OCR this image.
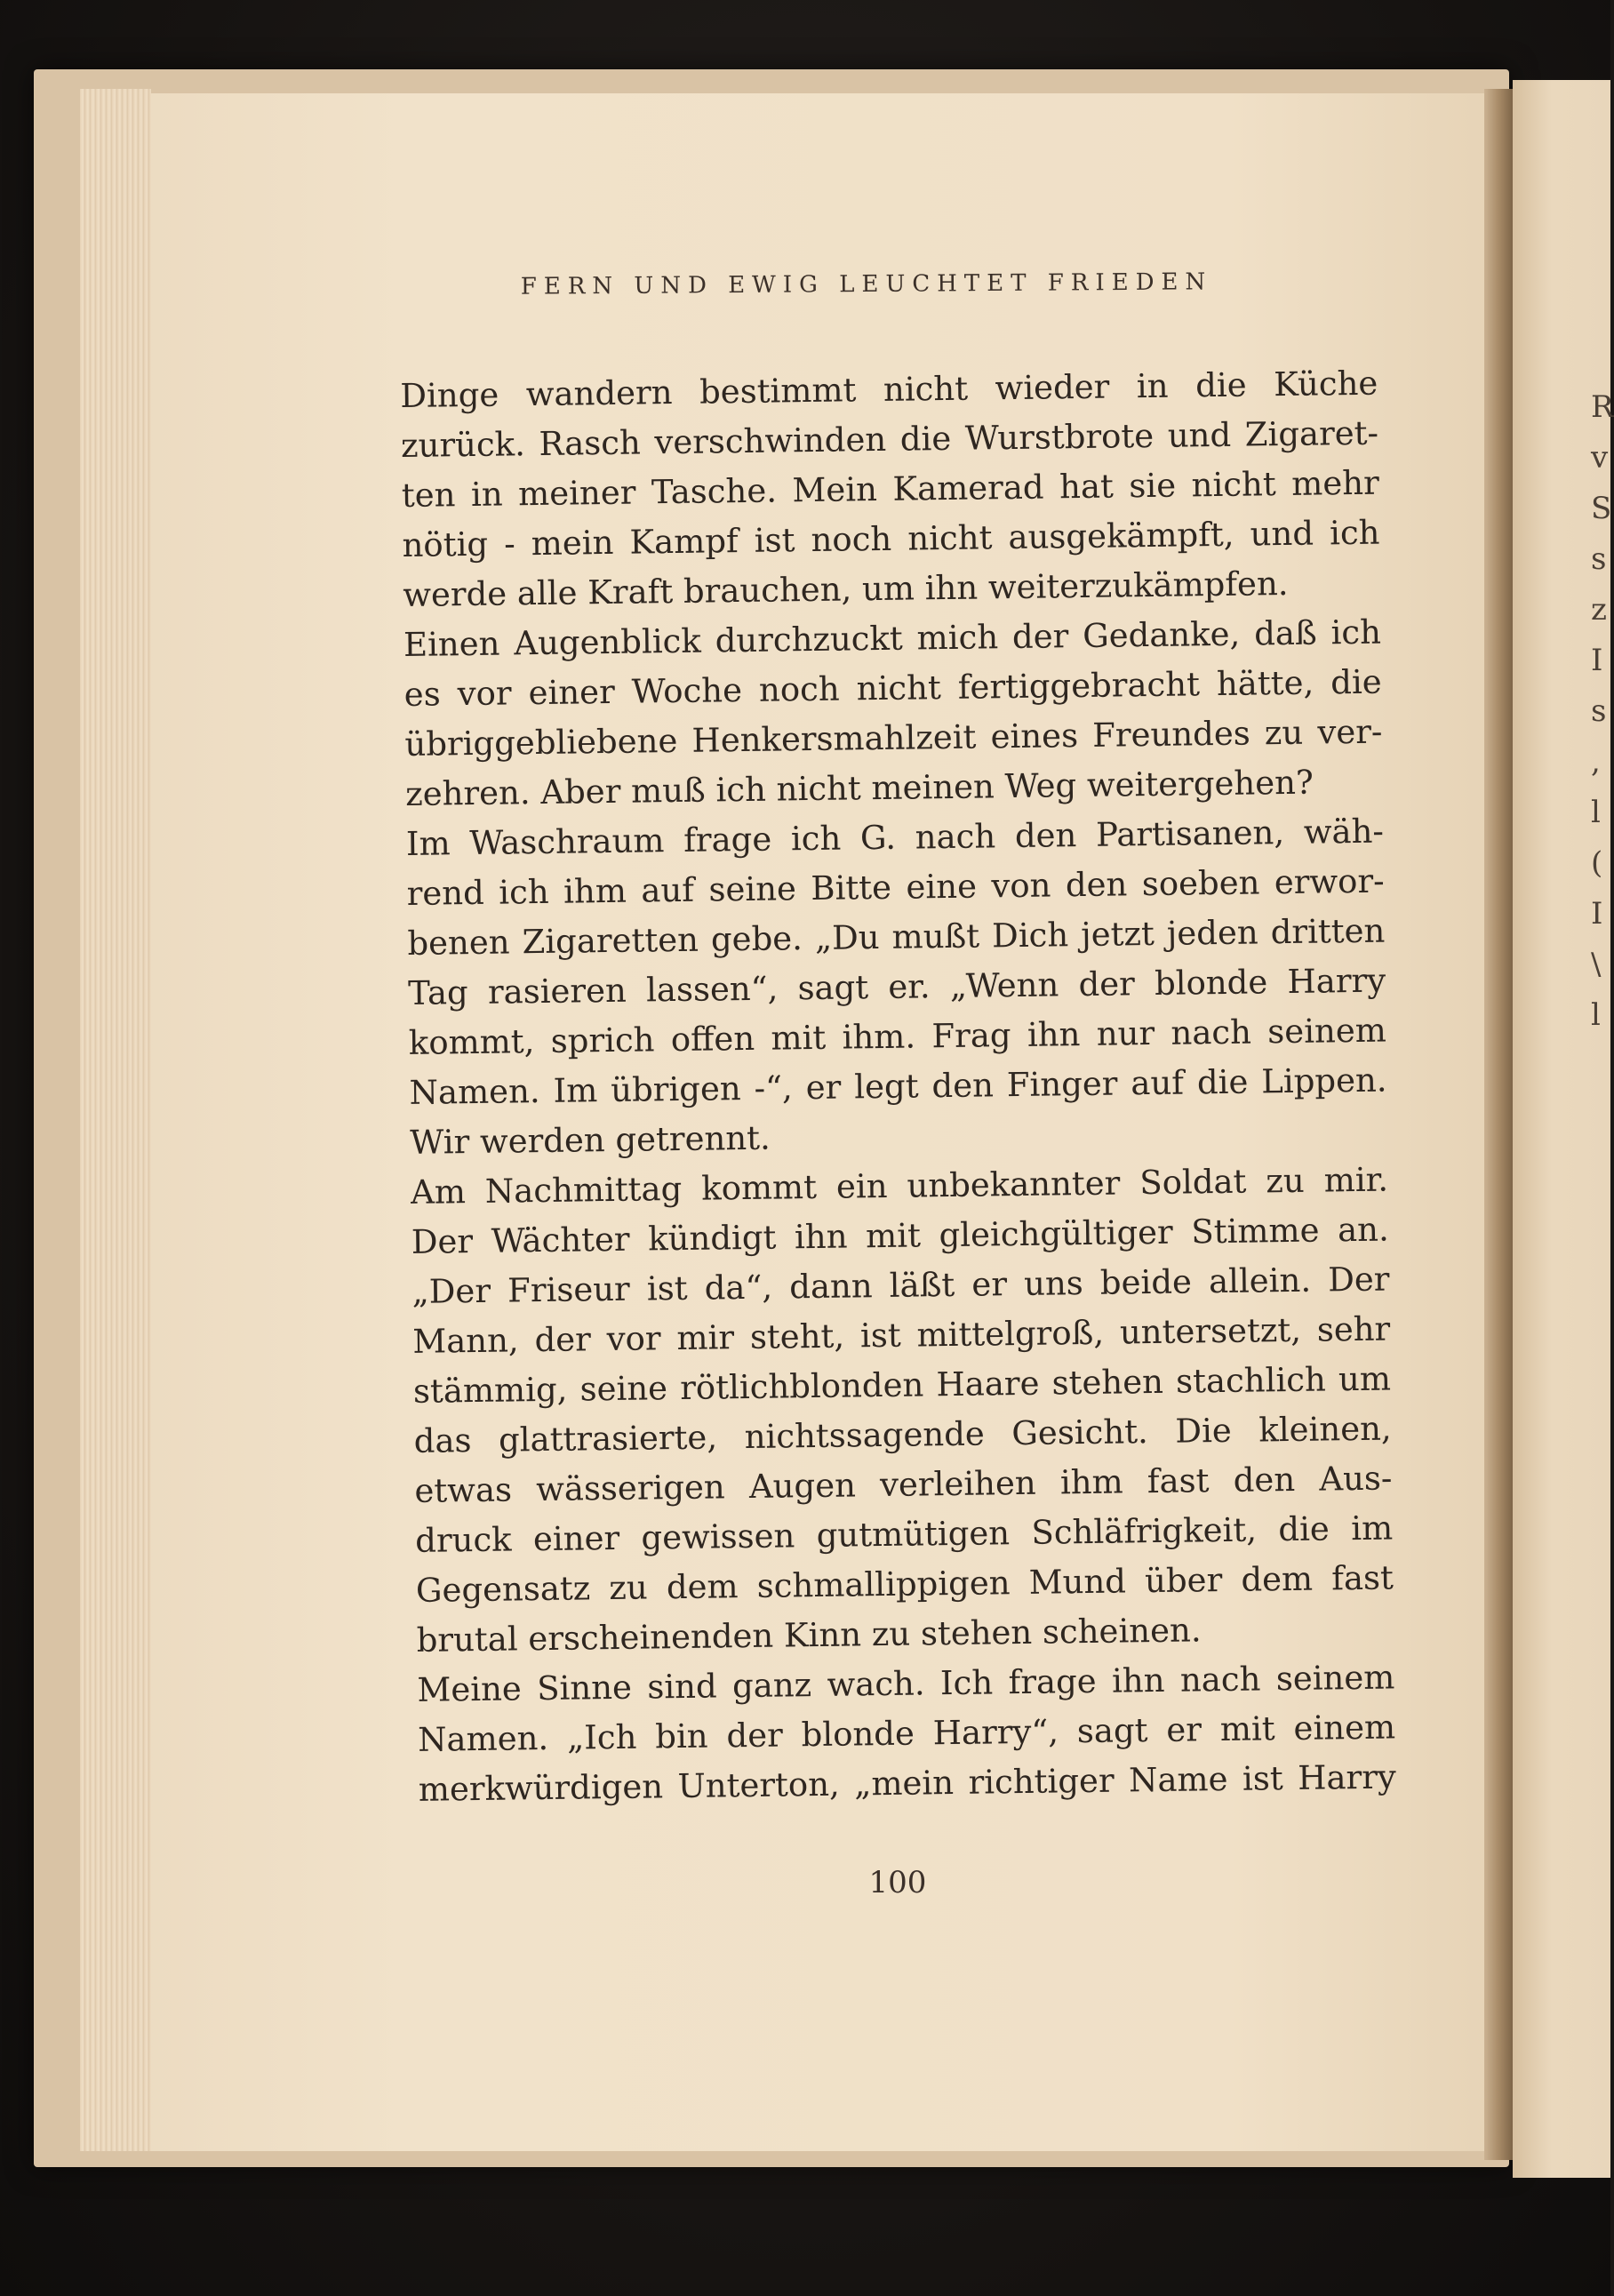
R
v
S
s
z
I
s
,
l
(
I
\
l
FERN UND EWIG LEUCHTET FRIEDEN
Dinge wandern bestimmt nicht wieder in die Küche
zurück. Rasch verschwinden die Wurstbrote und Zigaret-
ten in meiner Tasche. Mein Kamerad hat sie nicht mehr
nötig - mein Kampf ist noch nicht ausgekämpft, und ich
werde alle Kraft brauchen, um ihn weiterzukämpfen.
Einen Augenblick durchzuckt mich der Gedanke, daß ich
es vor einer Woche noch nicht fertiggebracht hätte, die
übriggebliebene Henkersmahlzeit eines Freundes zu ver-
zehren. Aber muß ich nicht meinen Weg weitergehen?
Im Waschraum frage ich G. nach den Partisanen, wäh-
rend ich ihm auf seine Bitte eine von den soeben erwor-
benen Zigaretten gebe. „Du mußt Dich jetzt jeden dritten
Tag rasieren lassen“, sagt er. „Wenn der blonde Harry
kommt, sprich offen mit ihm. Frag ihn nur nach seinem
Namen. Im übrigen -“, er legt den Finger auf die Lippen.
Wir werden getrennt.
Am Nachmittag kommt ein unbekannter Soldat zu mir.
Der Wächter kündigt ihn mit gleichgültiger Stimme an.
„Der Friseur ist da“, dann läßt er uns beide allein. Der
Mann, der vor mir steht, ist mittelgroß, untersetzt, sehr
stämmig, seine rötlichblonden Haare stehen stachlich um
das glattrasierte, nichtssagende Gesicht. Die kleinen,
etwas wässerigen Augen verleihen ihm fast den Aus-
druck einer gewissen gutmütigen Schläfrigkeit, die im
Gegensatz zu dem schmallippigen Mund über dem fast
brutal erscheinenden Kinn zu stehen scheinen.
Meine Sinne sind ganz wach. Ich frage ihn nach seinem
Namen. „Ich bin der blonde Harry“, sagt er mit einem
merkwürdigen Unterton, „mein richtiger Name ist Harry
100
